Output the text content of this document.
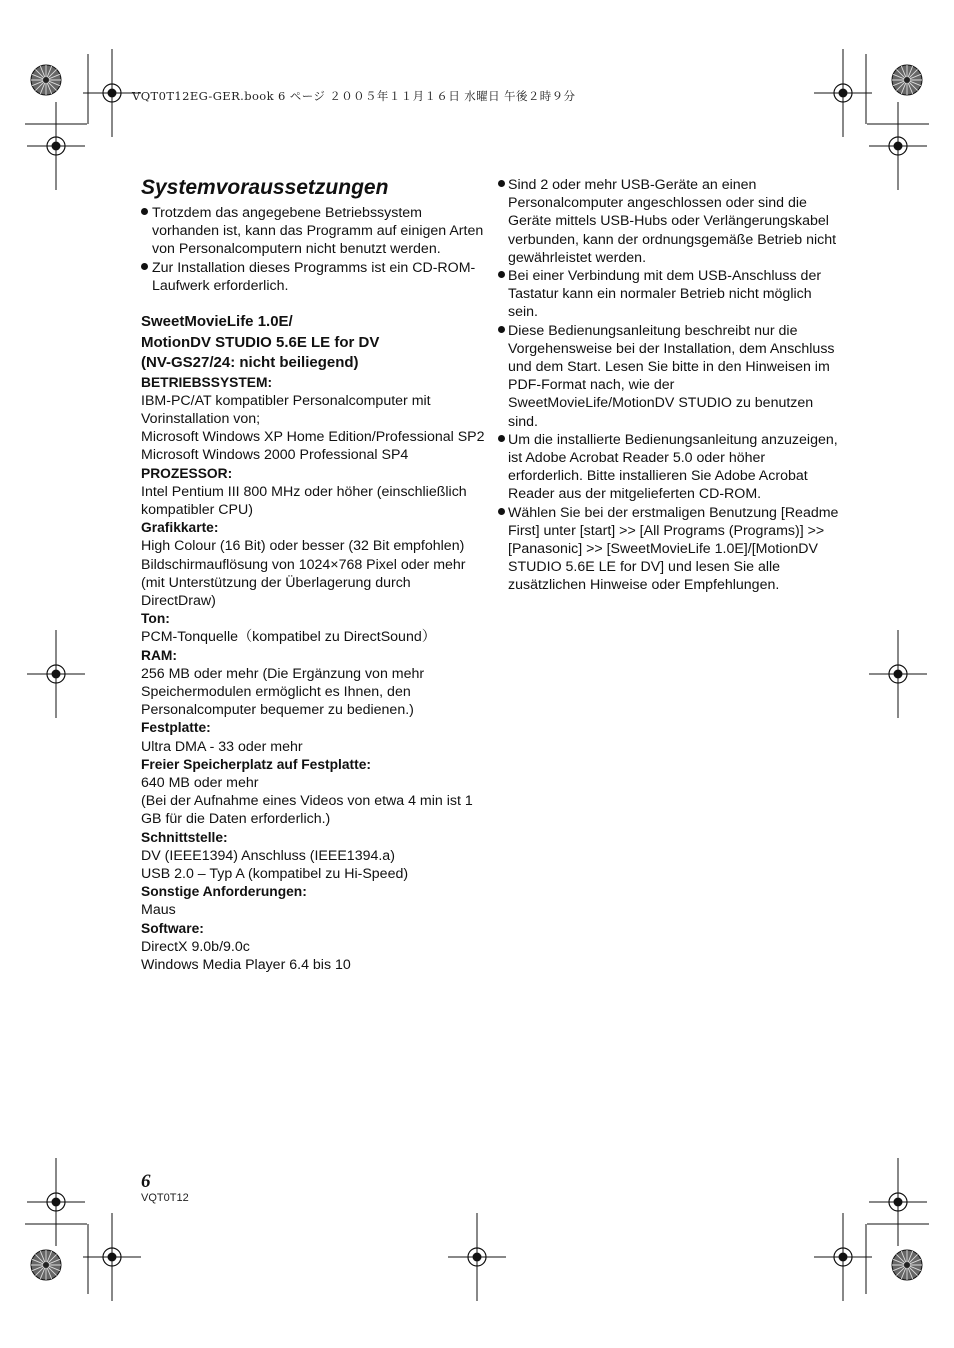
VQT0T12EG-GER.book 6 ページ ２００５年１１月１６日 水曜日 午後２時９分
Systemvoraussetzungen
Trotzdem das angegebene Betriebssystem vorhanden ist, kann das Programm auf einigen Arten von Personalcomputern nicht benutzt werden.
Zur Installation dieses Programms ist ein CD-ROM-Laufwerk erforderlich.
SweetMovieLife 1.0E/
MotionDV STUDIO 5.6E LE for DV
(NV-GS27/24: nicht beiliegend)
BETRIEBSSYSTEM:
IBM-PC/AT kompatibler Personalcomputer mit Vorinstallation von;
Microsoft Windows XP Home Edition/Professional SP2
Microsoft Windows 2000 Professional SP4
PROZESSOR:
Intel Pentium III 800 MHz oder höher (einschließlich kompatibler CPU)
Grafikkarte:
High Colour (16 Bit) oder besser (32 Bit empfohlen)
Bildschirmauflösung von 1024×768 Pixel oder mehr (mit Unterstützung der Überlagerung durch DirectDraw)
Ton:
PCM-Tonquelle（kompatibel zu DirectSound）
RAM:
256 MB oder mehr (Die Ergänzung von mehr Speichermodulen ermöglicht es Ihnen, den Personalcomputer bequemer zu bedienen.)
Festplatte:
Ultra DMA - 33 oder mehr
Freier Speicherplatz auf Festplatte:
640 MB oder mehr
(Bei der Aufnahme eines Videos von etwa 4 min ist 1 GB für die Daten erforderlich.)
Schnittstelle:
DV (IEEE1394) Anschluss (IEEE1394.a)
USB 2.0 – Typ A (kompatibel zu Hi-Speed)
Sonstige Anforderungen:
Maus
Software:
DirectX 9.0b/9.0c
Windows Media Player 6.4 bis 10
Sind 2 oder mehr USB-Geräte an einen Personalcomputer angeschlossen oder sind die Geräte mittels USB-Hubs oder Verlängerungskabel verbunden, kann der ordnungsgemäße Betrieb nicht gewährleistet werden.
Bei einer Verbindung mit dem USB-Anschluss der Tastatur kann ein normaler Betrieb nicht möglich sein.
Diese Bedienungsanleitung beschreibt nur die Vorgehensweise bei der Installation, dem Anschluss und dem Start. Lesen Sie bitte in den Hinweisen im PDF-Format nach, wie der SweetMovieLife/MotionDV STUDIO zu benutzen sind.
Um die installierte Bedienungsanleitung anzuzeigen, ist Adobe Acrobat Reader 5.0 oder höher erforderlich. Bitte installieren Sie Adobe Acrobat Reader aus der mitgelieferten CD-ROM.
Wählen Sie bei der erstmaligen Benutzung [Readme First] unter [start] >> [All Programs (Programs)] >> [Panasonic] >> [SweetMovieLife 1.0E]/[MotionDV STUDIO 5.6E LE for DV] und lesen Sie alle zusätzlichen Hinweise oder Empfehlungen.
6
VQT0T12
